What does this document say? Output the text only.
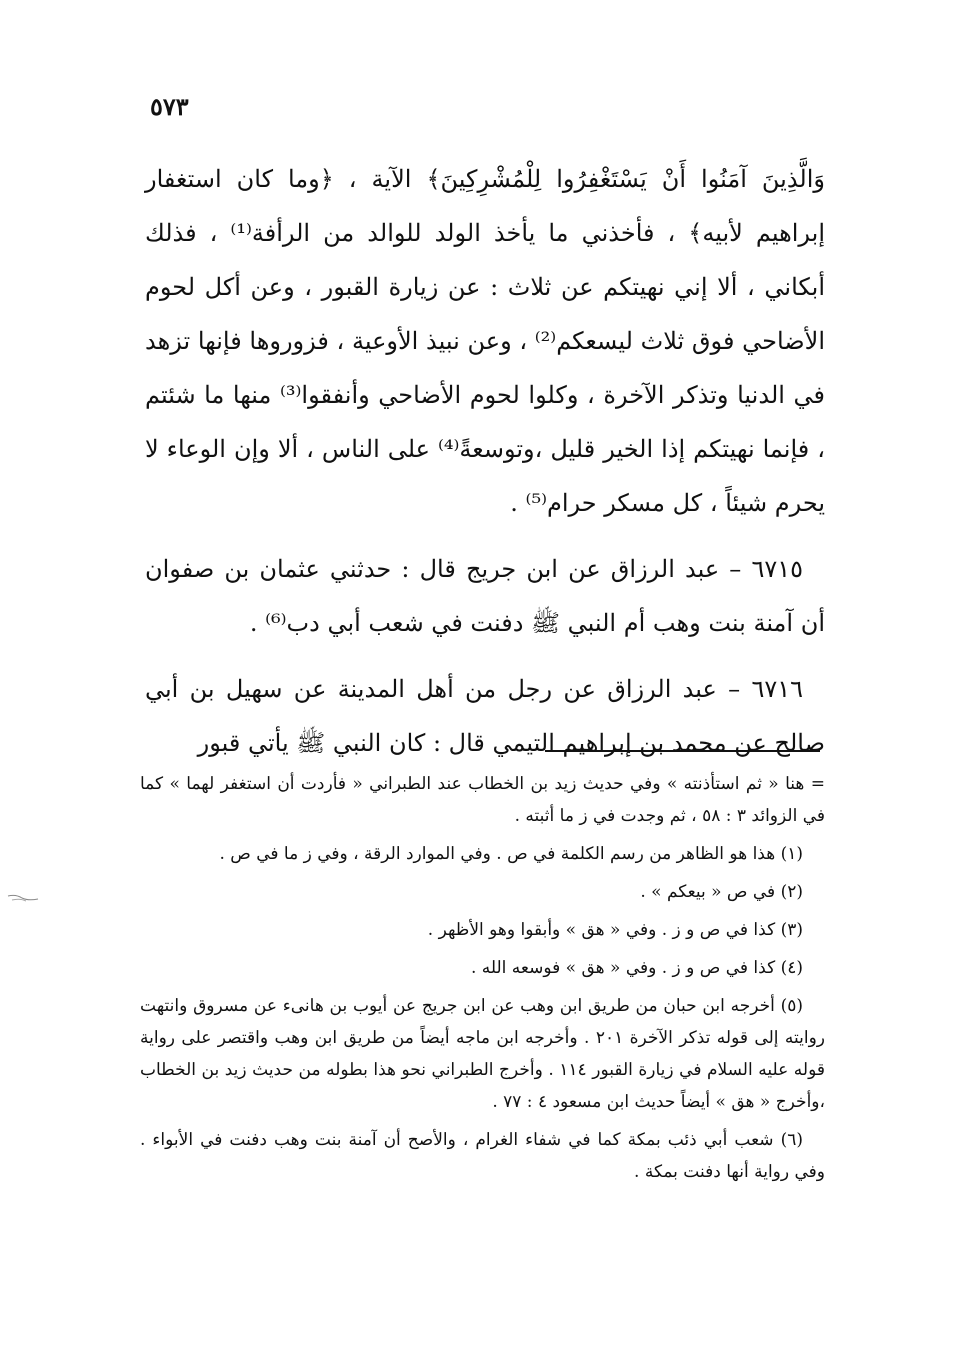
٥٧٣

وَالَّذِينَ آمَنُوا أَنْ يَسْتَغْفِرُوا لِلْمُشْرِكِينَ﴾ الآية ، ﴿وما كان استغفار إبراهيم لأبيه﴾ ، فأخذني ما يأخذ الولد للوالد من الرأفة⁽¹⁾ ، فذلك أبكاني ، ألا إني نهيتكم عن ثلاث : عن زيارة القبور ، وعن أكل لحوم الأضاحي فوق ثلاث ليسعكم⁽²⁾ ، وعن نبيذ الأوعية ، فزوروها فإنها تزهد في الدنيا وتذكر الآخرة ، وكلوا لحوم الأضاحي وأنفقوا⁽³⁾ منها ما شئتم ، فإنما نهيتكم إذا الخير قليل ،وتوسعةً⁽⁴⁾ على الناس ، ألا وإن الوعاء لا يحرم شيئاً ، كل مسكر حرام⁽⁵⁾ .

٦٧١٥ – عبد الرزاق عن ابن جريج قال : حدثني عثمان بن صفوان أن آمنة بنت وهب أم النبي ﷺ دفنت في شعب أبي دب⁽⁶⁾ .

٦٧١٦ – عبد الرزاق عن رجل من أهل المدينة عن سهيل بن أبي صالح عن محمد بن إبراهيم التيمي قال : كان النبي ﷺ يأتي قبور

= هنا « ثم استأذنته » وفي حديث زيد بن الخطاب عند الطبراني « فأردت أن استغفر لهما » كما في الزوائد ٣ : ٥٨ ، ثم وجدت في ز ما أثبته .

(١) هذا هو الظاهر من رسم الكلمة في ص . وفي الموارد الرقة ، وفي ز ما في ص .

(٢) في ص « بيعكم » .

(٣) كذا في ص و ز . وفي « هق » وأبقوا وهو الأظهر .

(٤) كذا في ص و ز . وفي « هق » فوسعه الله .

(٥) أخرجه ابن حبان من طريق ابن وهب عن ابن جريج عن أيوب بن هانىء عن مسروق وانتهت روايته إلى قوله تذكر الآخرة ٢٠١ . وأخرجه ابن ماجه أيضاً من طريق ابن وهب واقتصر على رواية قوله عليه السلام في زيارة القبور ١١٤ . وأخرج الطبراني نحو هذا بطوله من حديث زيد بن الخطاب ،وأخرج « هق » أيضاً حديث ابن مسعود ٤ : ٧٧ .

(٦) شعب أبي ذئب بمكة كما في شفاء الغرام ، والأصح أن آمنة بنت وهب دفنت في الأبواء . وفي رواية أنها دفنت بمكة .
